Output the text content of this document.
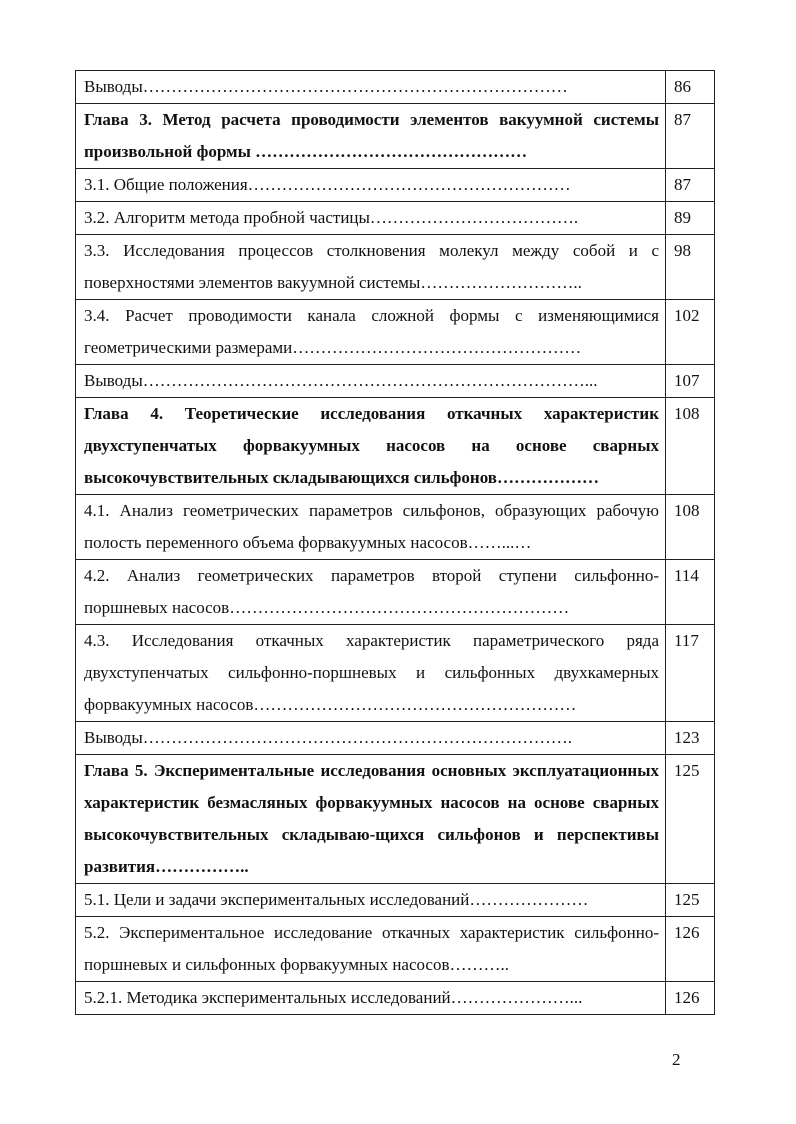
Выводы…………………………………………………………………	86
Глава 3. Метод расчета проводимости элементов вакуумной системы произвольной формы …………………………………………	87
3.1. Общие положения…………………………………………………	87
3.2. Алгоритм метода пробной частицы……………………………….	89
3.3. Исследования процессов столкновения молекул между собой и с поверхностями элементов вакуумной системы………………………..	98
3.4. Расчет проводимости канала сложной формы с изменяющимися геометрическими размерами……………………………………………	102
Выводы……………………………………………………………………...	107
Глава 4. Теоретические исследования откачных характеристик двухступенчатых форвакуумных насосов на основе сварных высокочувствительных складывающихся сильфонов………………	108
4.1. Анализ геометрических параметров сильфонов, образующих рабочую полость переменного объема форвакуумных насосов……...…	108
4.2. Анализ геометрических параметров второй ступени сильфонно-поршневых насосов……………………………………………………	114
4.3. Исследования откачных характеристик параметрического ряда двухступенчатых сильфонно-поршневых и сильфонных двухкамерных форвакуумных насосов…………………………………………………	117
Выводы………………………………………………………………….	123
Глава 5. Экспериментальные исследования основных эксплуатационных характеристик безмасляных форвакуумных насосов на основе сварных высокочувствительных складываю-щихся сильфонов и перспективы развития……………..	125
5.1. Цели и задачи экспериментальных исследований…………………	125
5.2. Экспериментальное исследование откачных характеристик сильфонно-поршневых и сильфонных форвакуумных насосов………..	126
5.2.1. Методика экспериментальных исследований…………………...	126
2
